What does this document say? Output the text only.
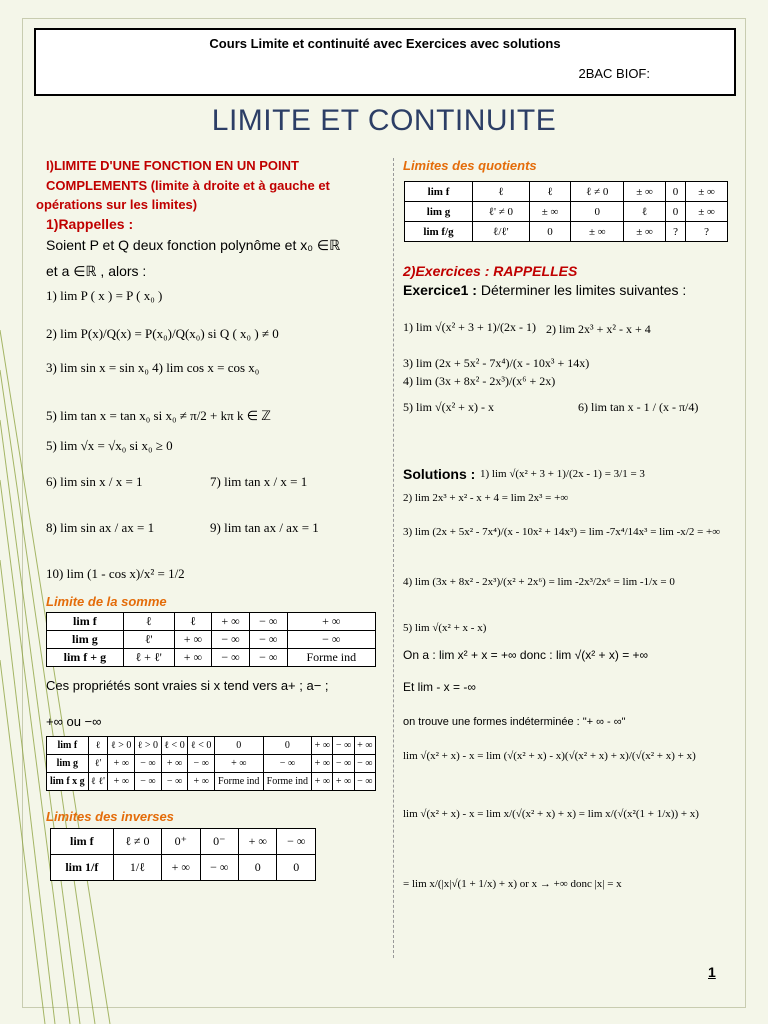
Cours Limite et continuité avec Exercices avec solutions
2BAC BIOF:
LIMITE ET CONTINUITE
I)LIMITE D'UNE FONCTION EN UN POINT
COMPLEMENTS (limite à droite et à gauche et
opérations sur les limites)
1)Rappelles :
Soient P et Q deux fonction polynôme et x₀ ∈ℝ
et a ∈ℝ , alors :
1) lim P ( x ) = P ( x₀ )
2) lim P(x)/Q(x) = P(x₀)/Q(x₀) si Q ( x₀ ) ≠ 0
3) lim sin x = sin x₀ 4) lim cos x = cos x₀
5) lim tan x = tan x₀ si x₀ ≠ π/2 + kπ k ∈ ℤ
5) lim √x = √x₀ si x₀ ≥ 0
6) lim sin x / x = 1	7) lim tan x / x = 1
8) lim sin ax / ax = 1	9) lim tan ax / ax = 1
10) lim (1 - cos x)/x² = 1/2
Limite de la somme
lim f	ℓ	ℓ	+ ∞	− ∞	+ ∞
lim g	ℓ'	+ ∞	− ∞	− ∞	− ∞
lim f + g	ℓ + ℓ'	+ ∞	− ∞	− ∞	Forme ind
Ces propriétés sont vraies si x tend vers a+ ; a− ;
+∞ ou −∞
lim f	ℓ	ℓ > 0	ℓ > 0	ℓ < 0	ℓ < 0	0	0	+ ∞	− ∞	+ ∞
lim g	ℓ'	+ ∞	− ∞	+ ∞	− ∞	+ ∞	− ∞	+ ∞	− ∞	− ∞
lim f x g	ℓ ℓ'	+ ∞	− ∞	− ∞	+ ∞	Forme ind	Forme ind	+ ∞	+ ∞	− ∞
Limites des inverses
lim f	ℓ ≠ 0	0⁺	0⁻	+ ∞	− ∞
lim 1/f	1/ℓ	+ ∞	− ∞	0	0
Limites des quotients
lim f	ℓ	ℓ	ℓ ≠ 0	± ∞	0	± ∞
lim g	ℓ' ≠ 0	± ∞	0	ℓ	0	± ∞
lim f/g	ℓ/ℓ'	0	± ∞	± ∞	?	?
2)Exercices : RAPPELLES
Exercice1 : Déterminer les limites suivantes :
1) lim √(x² + 3 + 1)/(2x - 1) 2) lim 2x³ + x² - x + 4
3) lim (2x + 5x² - 7x⁴)/(x - 10x³ + 14x)
4) lim (3x + 8x² - 2x³)/(x⁶ + 2x)
5) lim √(x² + x) - x	6) lim tan x - 1 / (x - π/4)
Solutions : 1) lim √(x² + 3 + 1)/(2x - 1) = 3/1 = 3
2) lim 2x³ + x² - x + 4 = lim 2x³ = +∞
3) lim (2x + 5x² - 7x⁴)/(x - 10x² + 14x³) = lim -7x⁴/14x³ = lim -x/2 = +∞
4) lim (3x + 8x² - 2x³)/(x² + 2x⁶) = lim -2x³/2x⁶ = lim -1/x = 0
5) lim √(x² + x - x)
On a : lim x² + x = +∞ donc : lim √(x² + x) = +∞
Et lim - x = -∞
on trouve une formes indéterminée : "+ ∞ - ∞"
lim √(x² + x) - x = lim (√(x² + x) - x)(√(x² + x) + x)/(√(x² + x) + x)
lim √(x² + x) - x = lim x/(√(x² + x) + x) = lim x/(√(x²(1 + 1/x)) + x)
= lim x/(|x|√(1 + 1/x) + x) or x → +∞ donc |x| = x
1
